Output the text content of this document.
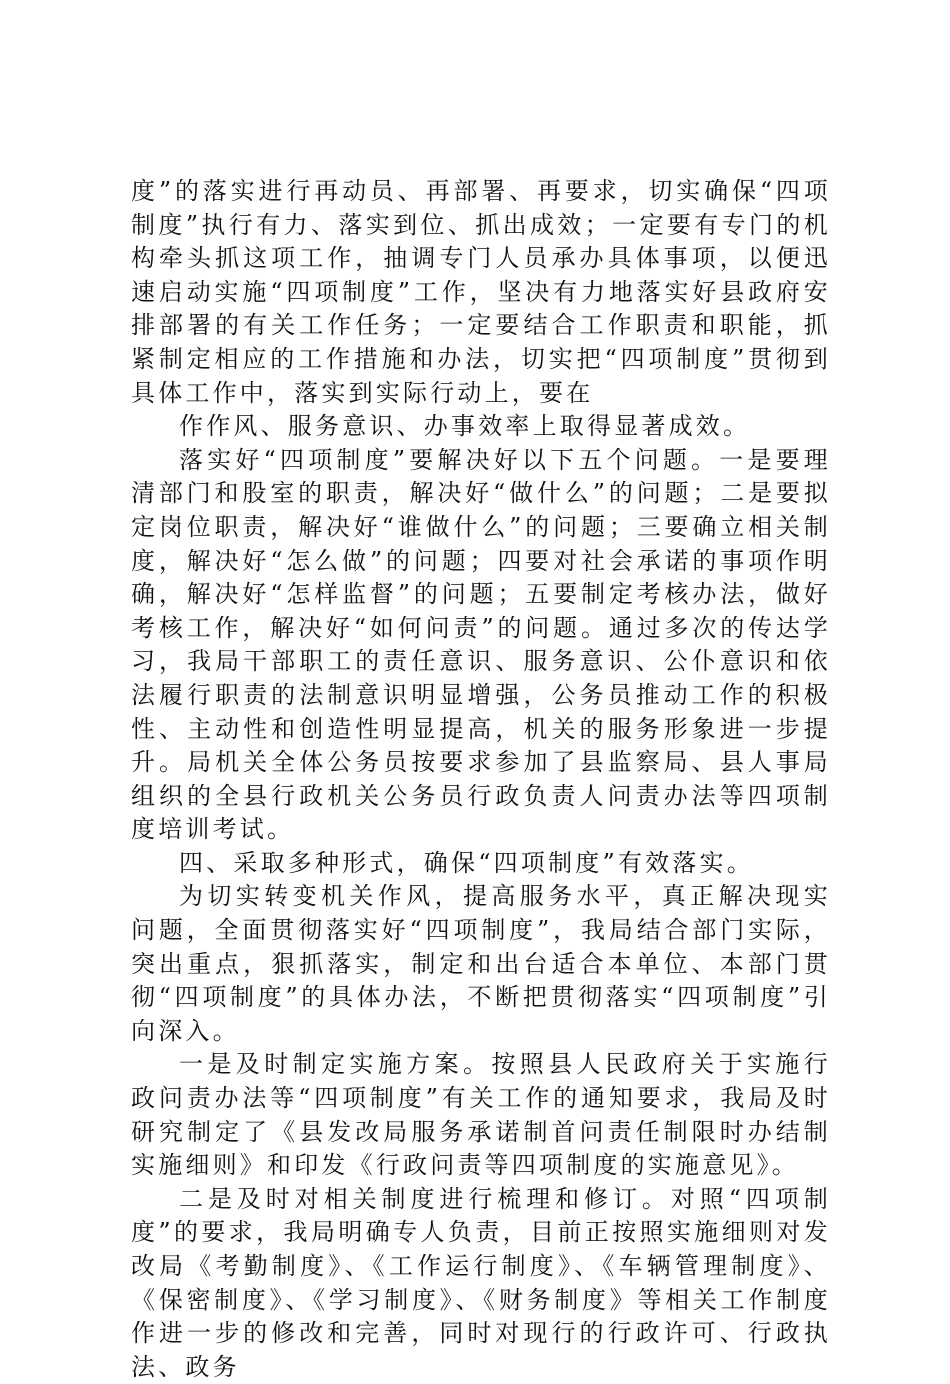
度”的落实进行再动员、再部署、再要求，切实确保“四项制度”执行有力、落实到位、抓出成效；一定要有专门的机构牵头抓这项工作，抽调专门人员承办具体事项，以便迅速启动实施“四项制度”工作，坚决有力地落实好县政府安排部署的有关工作任务；一定要结合工作职责和职能，抓紧制定相应的工作措施和办法，切实把“四项制度”贯彻到具体工作中，落实到实际行动上，要在

作作风、服务意识、办事效率上取得显著成效。

落实好“四项制度”要解决好以下五个问题。一是要理清部门和股室的职责，解决好“做什么”的问题；二是要拟定岗位职责，解决好“谁做什么”的问题；三要确立相关制度，解决好“怎么做”的问题；四要对社会承诺的事项作明确，解决好“怎样监督”的问题；五要制定考核办法，做好考核工作，解决好“如何问责”的问题。通过多次的传达学习，我局干部职工的责任意识、服务意识、公仆意识和依法履行职责的法制意识明显增强，公务员推动工作的积极性、主动性和创造性明显提高，机关的服务形象进一步提升。局机关全体公务员按要求参加了县监察局、县人事局组织的全县行政机关公务员行政负责人问责办法等四项制度培训考试。

四、采取多种形式，确保“四项制度”有效落实。

为切实转变机关作风，提高服务水平，真正解决现实问题，全面贯彻落实好“四项制度”，我局结合部门实际，突出重点，狠抓落实，制定和出台适合本单位、本部门贯彻“四项制度”的具体办法，不断把贯彻落实“四项制度”引向深入。

一是及时制定实施方案。按照县人民政府关于实施行政问责办法等“四项制度”有关工作的通知要求，我局及时研究制定了《县发改局服务承诺制首问责任制限时办结制实施细则》和印发《行政问责等四项制度的实施意见》。

二是及时对相关制度进行梳理和修订。对照“四项制度”的要求，我局明确专人负责，目前正按照实施细则对发改局《考勤制度》、《工作运行制度》、《车辆管理制度》、《保密制度》、《学习制度》、《财务制度》等相关工作制度作进一步的修改和完善，同时对现行的行政许可、行政执法、政务
